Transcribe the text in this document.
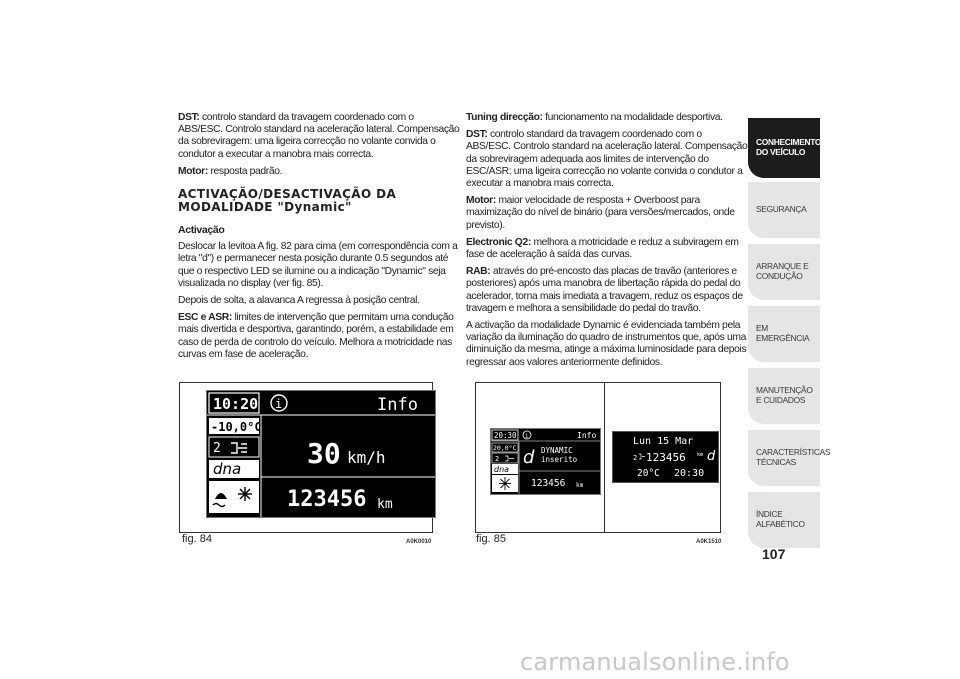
DST: controlo standard da travagem coordenado com o ABS/ESC. Controlo standard na aceleração lateral. Compensação da sobreviragem: uma ligeira correcção no volante convida o condutor a executar a manobra mais correcta.

Motor: resposta padrão.

ACTIVAÇÃO/DESACTIVAÇÃO DA MODALIDADE "Dynamic"
Activação

Deslocar la levitoa A fig. 82 para cima (em correspondência com a letra "d") e permanecer nesta posição durante 0.5 segundos até que o respectivo LED se ilumine ou a indicação "Dynamic" seja visualizada no display (ver fig. 85).

Depois de solta, a alavanca A regressa à posição central.

ESC e ASR: limites de intervenção que permitam uma condução mais divertida e desportiva, garantindo, porém, a estabilidade em caso de perda de controlo do veículo. Melhora a motricidade nas curvas em fase de aceleração.

Tuning direcção: funcionamento na modalidade desportiva.

DST: controlo standard da travagem coordenado com o ABS/ESC. Controlo standard na aceleração lateral. Compensação da sobreviragem adequada aos limites de intervenção do ESC/ASR: uma ligeira correcção no volante convida o condutor a executar a manobra mais correcta.

Motor: maior velocidade de resposta + Overboost para maximização do nível de binário (para versões/mercados, onde previsto).

Electronic Q2: melhora a motricidade e reduz a subviragem em fase de aceleração à saída das curvas.

RAB: através do pré-encosto das placas de travão (anteriores e posteriores) após uma manobra de libertação rápida do pedal do acelerador, torna mais imediata a travagem, reduz os espaços de travagem e melhora a sensibilidade do pedal do travão.

A activação da modalidade Dynamic é evidenciada também pela variação da iluminação do quadro de instrumentos que, após uma diminuição da mesma, atinge a máxima luminosidade para depois regressar aos valores anteriormente definidos.

CONHECIMENTO DO VEÍCULO
SEGURANÇA
ARRANQUE E CONDUÇÃO
EM EMERGÊNCIA
MANUTENÇÃO E CUIDADOS
CARACTERÍSTICAS TÉCNICAS
ÍNDICE ALFABÉTICO
107
10:20 i	Info
-10,0°C
2
dna 30 km/h
123456 km
fig. 84	A0K0010
20:30 i	Info
20,0°C
2
dna
d DYNAMIC
inserito
123456 km
Lun 15 Mar
2 123456 km d
20°C 20:30
fig. 85	A0K1510
carmanualsonline.info
